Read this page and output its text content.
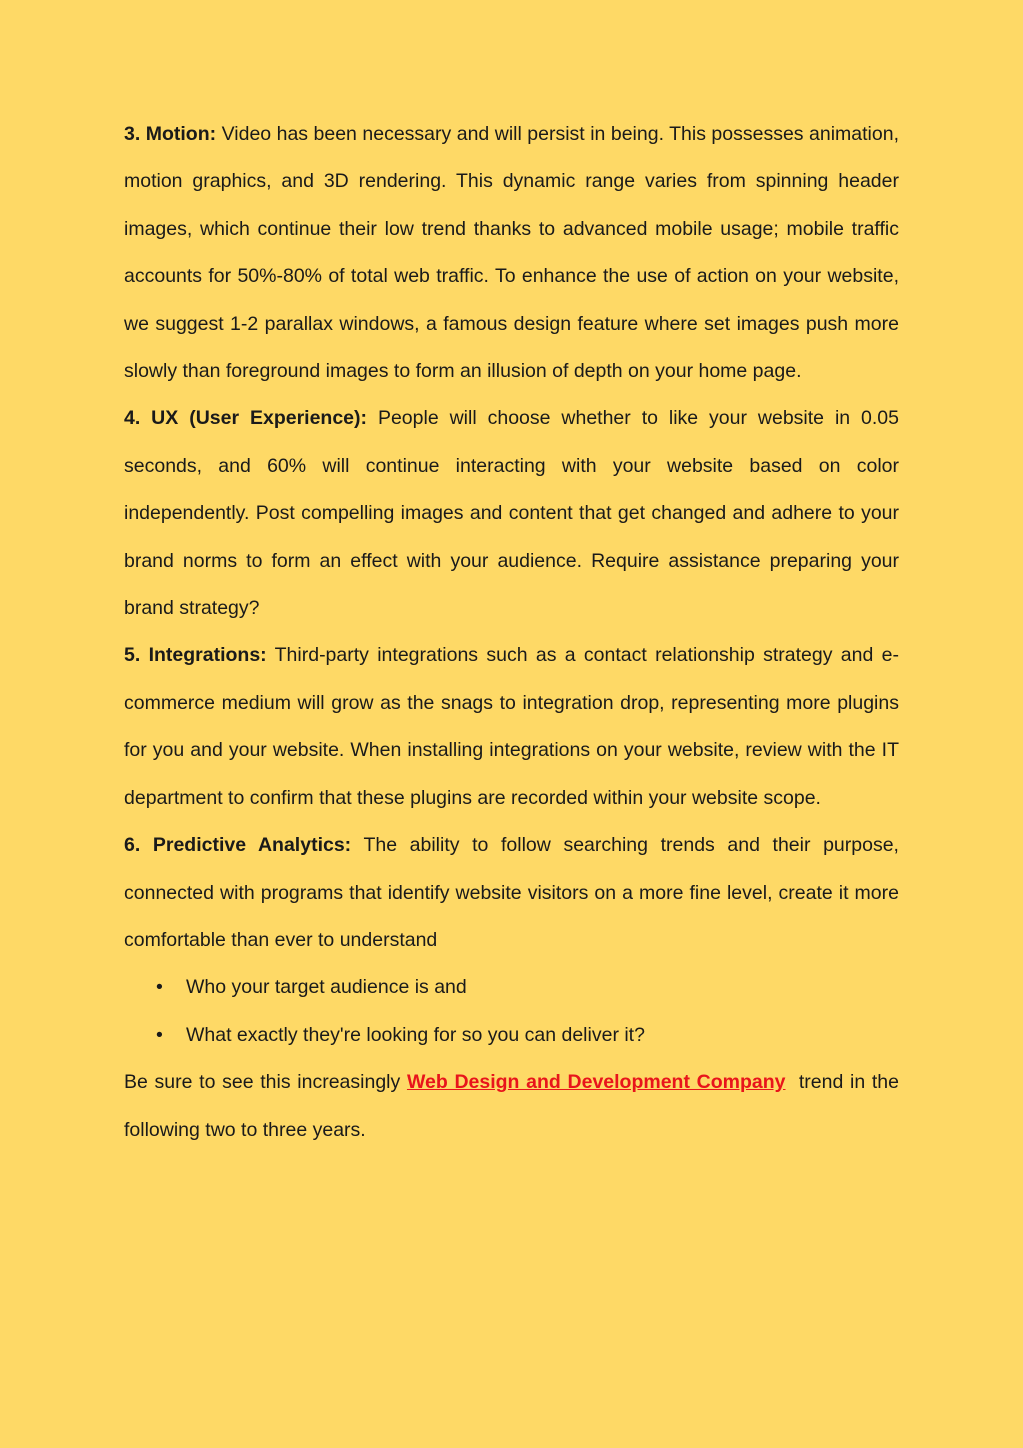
3. Motion: Video has been necessary and will persist in being. This possesses animation, motion graphics, and 3D rendering. This dynamic range varies from spinning header images, which continue their low trend thanks to advanced mobile usage; mobile traffic accounts for 50%-80% of total web traffic. To enhance the use of action on your website, we suggest 1-2 parallax windows, a famous design feature where set images push more slowly than foreground images to form an illusion of depth on your home page.

4. UX (User Experience): People will choose whether to like your website in 0.05 seconds, and 60% will continue interacting with your website based on color independently. Post compelling images and content that get changed and adhere to your brand norms to form an effect with your audience. Require assistance preparing your brand strategy?

5. Integrations: Third-party integrations such as a contact relationship strategy and e-commerce medium will grow as the snags to integration drop, representing more plugins for you and your website. When installing integrations on your website, review with the IT department to confirm that these plugins are recorded within your website scope.

6. Predictive Analytics: The ability to follow searching trends and their purpose, connected with programs that identify website visitors on a more fine level, create it more comfortable than ever to understand

• Who your target audience is and
• What exactly they're looking for so you can deliver it?

Be sure to see this increasingly Web Design and Development Company trend in the following two to three years.
